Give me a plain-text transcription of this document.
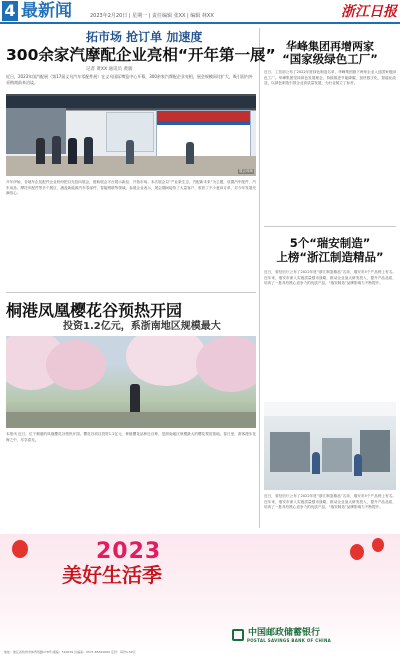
4 最新闻	2023年2月20日 | 星期一 | 责任编辑 张XX | 编辑 林XX	浙江日报
拓市场 抢订单 加速度
300余家汽摩配企业亮相“开年第一展”
记者 黄XX 通讯员 黄骏
近日，2023年国汽配展（第17届义乌汽车零配件展）在义乌国际博览中心开幕，300余家汽摩配企业亮相，展会规模同比扩大，吸引国内外采购商前来洽谈。
展会现场
开年伊始，各地车企及配件企业纷纷把目光投向展会，借助展会平台展示新品、开拓市场。本次展会以“产业新生态，汽配新未来”为主题，设置汽车配件、汽车用品、摩托车配件等多个展区，涵盖新能源汽车零部件、智能网联等领域。参展企业表示，展会期间接待了大量客户，收获了不少意向订单，对今年发展充满信心。
华峰集团再增两家
“国家级绿色工厂”
近日，工信部公布了2022年度绿色制造名单，华峰集团旗下两家企业入选国家级绿色工厂。华峰集团坚持绿色发展理念，持续推进节能降碳，加快数字化、智能化改造，以绿色制造引领企业高质量发展，为行业树立了标杆。
5个“瑞安制造”
上榜“浙江制造精品”
近日，省经信厅公布了2022年度“浙江制造精品”名单，瑞安市5个产品榜上有名。近年来，瑞安市深入实施质量强市战略，推动企业加大研发投入，提升产品品质，培育了一批具有核心竞争力的优质产品，“瑞安制造”品牌影响力不断提升。
近日，省经信厅公布了2022年度“浙江制造精品”名单，瑞安市5个产品榜上有名。近年来，瑞安市深入实施质量强市战略，推动企业加大研发投入，提升产品品质，培育了一批具有核心竞争力的优质产品，“瑞安制造”品牌影响力不断提升。
桐港凤凰樱花谷预热开园
投资1.2亿元，系浙南地区规模最大
本报讯 近日，位于桐港的凤凰樱花谷预热开园。樱花谷项目投资1.2亿元，种植樱花品种近百种，是浙南地区规模最大的樱花观赏基地。春日里，游客漫步花海之中，尽享春光。
2023
美好生活季
中国邮政储蓄银行
POSTAL SAVINGS BANK OF CHINA
地址：浙江省杭州市体育场路178号 邮编：310039 总编室：0571-85310000 定价：每份1.50元
